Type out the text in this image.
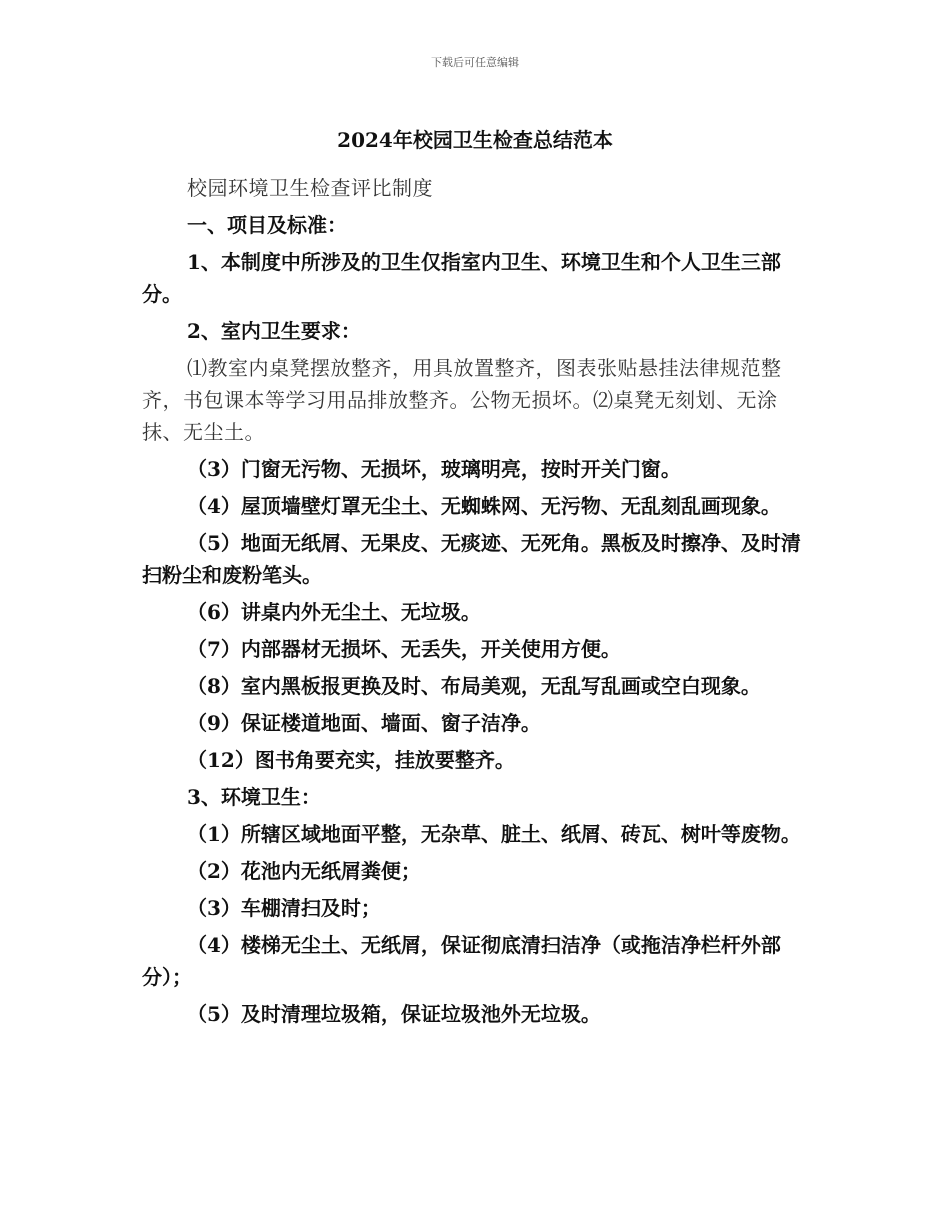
下载后可任意编辑
2024年校园卫生检查总结范本

校园环境卫生检查评比制度

一、项目及标准：

1、本制度中所涉及的卫生仅指室内卫生、环境卫生和个人卫生三部分。

2、室内卫生要求：

⑴教室内桌凳摆放整齐，用具放置整齐，图表张贴悬挂法律规范整齐，书包课本等学习用品排放整齐。公物无损坏。⑵桌凳无刻划、无涂抹、无尘土。

（3）门窗无污物、无损坏，玻璃明亮，按时开关门窗。

（4）屋顶墙壁灯罩无尘土、无蜘蛛网、无污物、无乱刻乱画现象。

（5）地面无纸屑、无果皮、无痰迹、无死角。黑板及时擦净、及时清扫粉尘和废粉笔头。

（6）讲桌内外无尘土、无垃圾。

（7）内部器材无损坏、无丢失，开关使用方便。

（8）室内黑板报更换及时、布局美观，无乱写乱画或空白现象。

（9）保证楼道地面、墙面、窗子洁净。

（12）图书角要充实，挂放要整齐。

3、环境卫生：

（1）所辖区域地面平整，无杂草、脏土、纸屑、砖瓦、树叶等废物。

（2）花池内无纸屑粪便；

（3）车棚清扫及时；

（4）楼梯无尘土、无纸屑，保证彻底清扫洁净（或拖洁净栏杆外部分）；

（5）及时清理垃圾箱，保证垃圾池外无垃圾。
